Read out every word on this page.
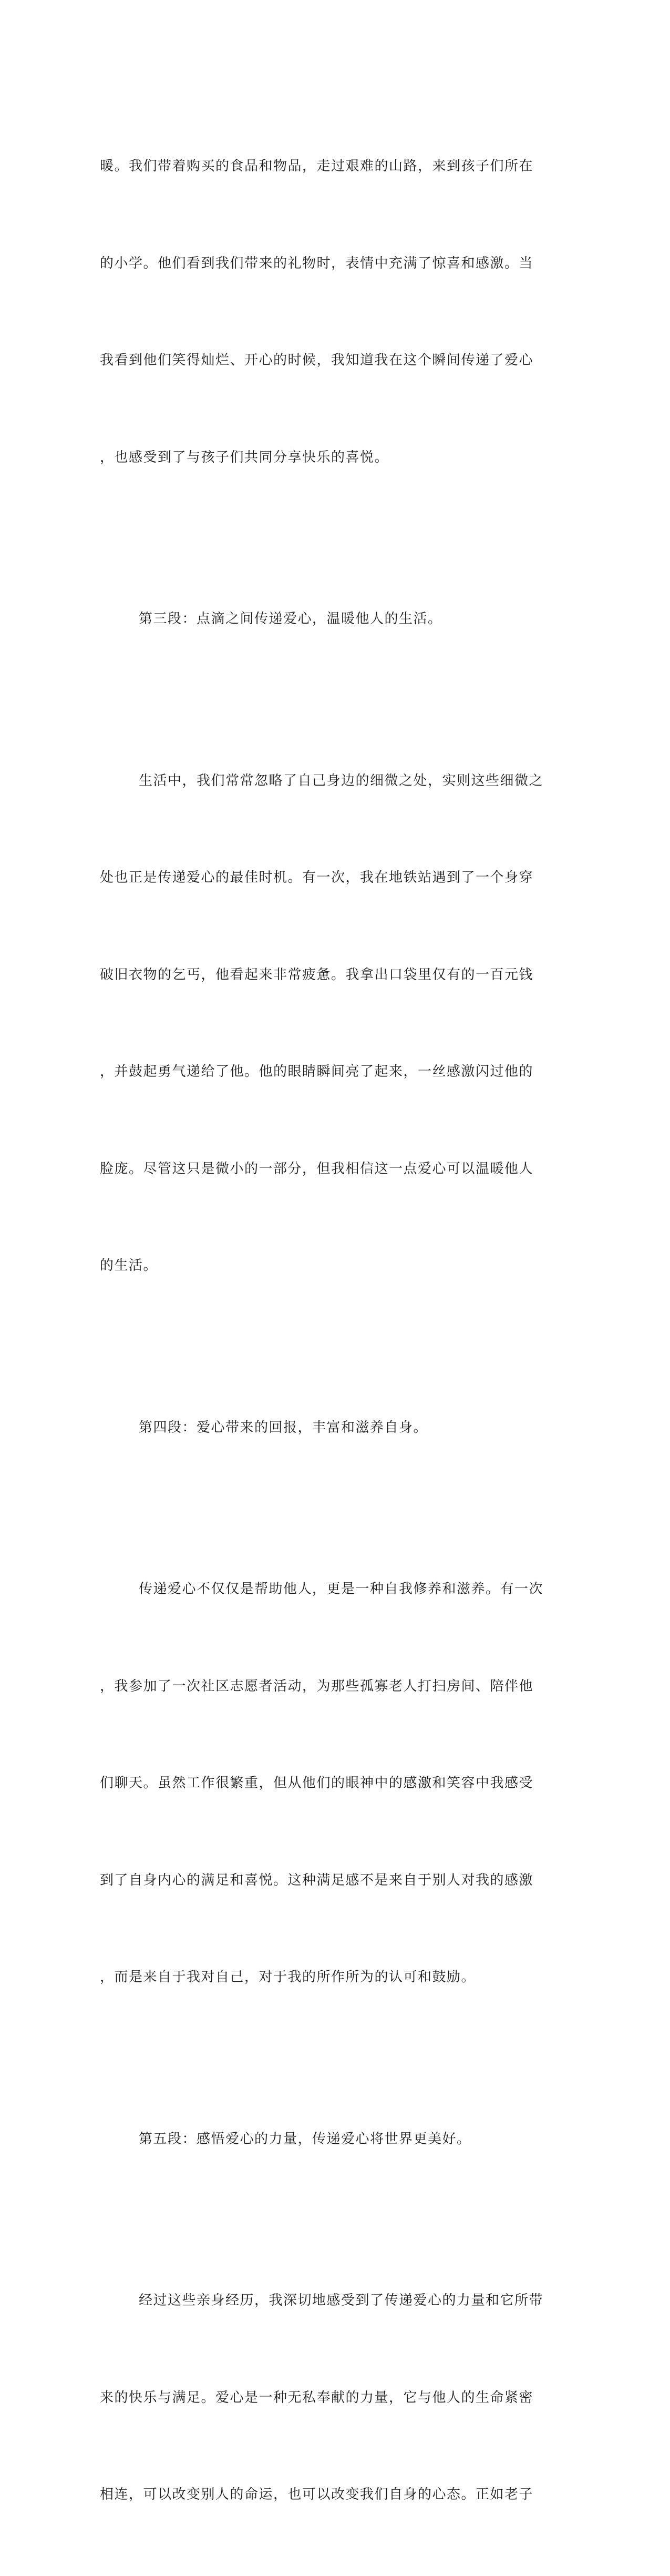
暖。我们带着购买的食品和物品，走过艰难的山路，来到孩子们所在

的小学。他们看到我们带来的礼物时，表情中充满了惊喜和感激。当

我看到他们笑得灿烂、开心的时候，我知道我在这个瞬间传递了爱心

，也感受到了与孩子们共同分享快乐的喜悦。

第三段：点滴之间传递爱心，温暖他人的生活。

生活中，我们常常忽略了自己身边的细微之处，实则这些细微之

处也正是传递爱心的最佳时机。有一次，我在地铁站遇到了一个身穿

破旧衣物的乞丐，他看起来非常疲惫。我拿出口袋里仅有的一百元钱

，并鼓起勇气递给了他。他的眼睛瞬间亮了起来，一丝感激闪过他的

脸庞。尽管这只是微小的一部分，但我相信这一点爱心可以温暖他人

的生活。

第四段：爱心带来的回报，丰富和滋养自身。

传递爱心不仅仅是帮助他人，更是一种自我修养和滋养。有一次

，我参加了一次社区志愿者活动，为那些孤寡老人打扫房间、陪伴他

们聊天。虽然工作很繁重，但从他们的眼神中的感激和笑容中我感受

到了自身内心的满足和喜悦。这种满足感不是来自于别人对我的感激

，而是来自于我对自己，对于我的所作所为的认可和鼓励。

第五段：感悟爱心的力量，传递爱心将世界更美好。

经过这些亲身经历，我深切地感受到了传递爱心的力量和它所带

来的快乐与满足。爱心是一种无私奉献的力量，它与他人的生命紧密

相连，可以改变别人的命运，也可以改变我们自身的心态。正如老子
